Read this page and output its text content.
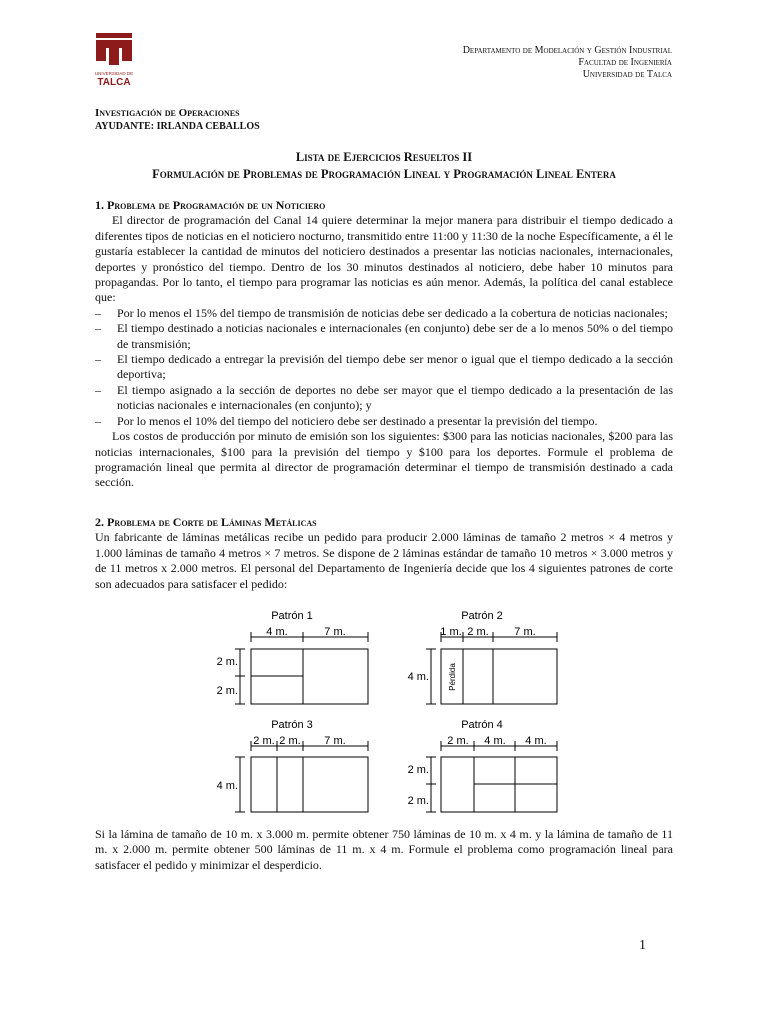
UNIVERSIDAD DE
TALCA
Departamento de Modelación y Gestión Industrial
Facultad de Ingeniería
Universidad de Talca
Investigación de Operaciones
AYUDANTE: IRLANDA CEBALLOS
Lista de Ejercicios Resueltos II
Formulación de Problemas de Programación Lineal y Programación Lineal Entera
1. Problema de Programación de un Noticiero
El director de programación del Canal 14 quiere determinar la mejor manera para distribuir el tiempo dedicado a diferentes tipos de noticias en el noticiero nocturno, transmitido entre 11:00 y 11:30 de la noche Específicamente, a él le gustaría establecer la cantidad de minutos del noticiero destinados a presentar las noticias nacionales, internacionales, deportes y pronóstico del tiempo. Dentro de los 30 minutos destinados al noticiero, debe haber 10 minutos para propagandas. Por lo tanto, el tiempo para programar las noticias es aún menor. Además, la política del canal establece que:
– Por lo menos el 15% del tiempo de transmisión de noticias debe ser dedicado a la cobertura de noticias nacionales;
– El tiempo destinado a noticias nacionales e internacionales (en conjunto) debe ser de a lo menos 50% o del tiempo de transmisión;
– El tiempo dedicado a entregar la previsión del tiempo debe ser menor o igual que el tiempo dedicado a la sección deportiva;
– El tiempo asignado a la sección de deportes no debe ser mayor que el tiempo dedicado a la presentación de las noticias nacionales e internacionales (en conjunto); y
– Por lo menos el 10% del tiempo del noticiero debe ser destinado a presentar la previsión del tiempo.
Los costos de producción por minuto de emisión son los siguientes: $300 para las noticias nacionales, $200 para las noticias internacionales, $100 para la previsión del tiempo y $100 para los deportes. Formule el problema de programación lineal que permita al director de programación determinar el tiempo de transmisión destinado a cada sección.
2. Problema de Corte de Láminas Metálicas
Un fabricante de láminas metálicas recibe un pedido para producir 2.000 láminas de tamaño 2 metros × 4 metros y 1.000 láminas de tamaño 4 metros × 7 metros. Se dispone de 2 láminas estándar de tamaño 10 metros × 3.000 metros y de 11 metros x 2.000 metros. El personal del Departamento de Ingeniería decide que los 4 siguientes patrones de corte son adecuados para satisfacer el pedido:
Patrón 1
4 m.	7 m.
2 m.
2 m.
Patrón 2
1 m. 2 m. 7 m.
4 m. Pérdida
Patrón 3
2 m. 2 m. 7 m.
4 m.
Patrón 4
2 m. 4 m. 4 m.
2 m.
2 m.
Si la lámina de tamaño de 10 m. x 3.000 m. permite obtener 750 láminas de 10 m. x 4 m. y la lámina de tamaño de 11 m. x 2.000 m. permite obtener 500 láminas de 11 m. x 4 m. Formule el problema como programación lineal para satisfacer el pedido y minimizar el desperdicio.
1
